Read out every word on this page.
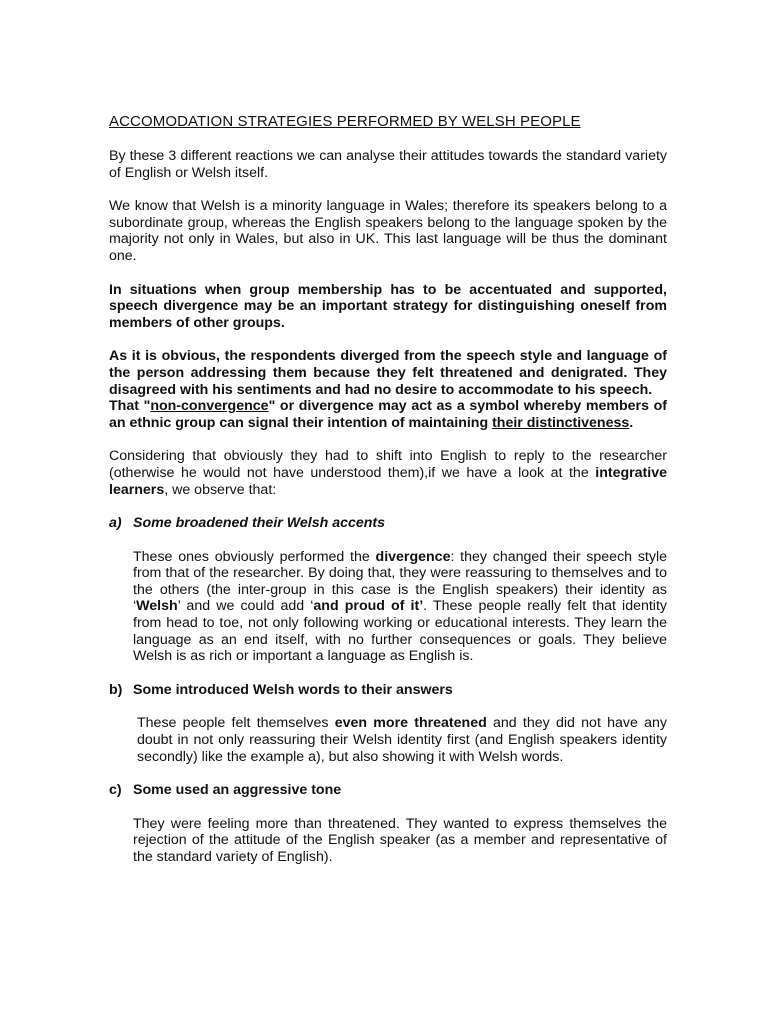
ACCOMODATION STRATEGIES PERFORMED BY WELSH PEOPLE

By these 3 different reactions we can analyse their attitudes towards the standard variety of English or Welsh itself.

We know that Welsh is a minority language in Wales; therefore its speakers belong to a subordinate group, whereas the English speakers belong to the language spoken by the majority not only in Wales, but also in UK. This last language will be thus the dominant one.

In situations when group membership has to be accentuated and supported, speech divergence may be an important strategy for distinguishing oneself from members of other groups.

As it is obvious, the respondents diverged from the speech style and language of the person addressing them because they felt threatened and denigrated. They disagreed with his sentiments and had no desire to accommodate to his speech.

That "non-convergence" or divergence may act as a symbol whereby members of an ethnic group can signal their intention of maintaining their distinctiveness.

Considering that obviously they had to shift into English to reply to the researcher (otherwise he would not have understood them),if we have a look at the integrative learners, we observe that:

a) Some broadened their Welsh accents

These ones obviously performed the divergence: they changed their speech style from that of the researcher. By doing that, they were reassuring to themselves and to the others (the inter-group in this case is the English speakers) their identity as ‘Welsh’ and we could add ‘and proud of it’. These people really felt that identity from head to toe, not only following working or educational interests. They learn the language as an end itself, with no further consequences or goals. They believe Welsh is as rich or important a language as English is.

b) Some introduced Welsh words to their answers

These people felt themselves even more threatened and they did not have any doubt in not only reassuring their Welsh identity first (and English speakers identity secondly) like the example a), but also showing it with Welsh words.

c) Some used an aggressive tone

They were feeling more than threatened. They wanted to express themselves the rejection of the attitude of the English speaker (as a member and representative of the standard variety of English).
